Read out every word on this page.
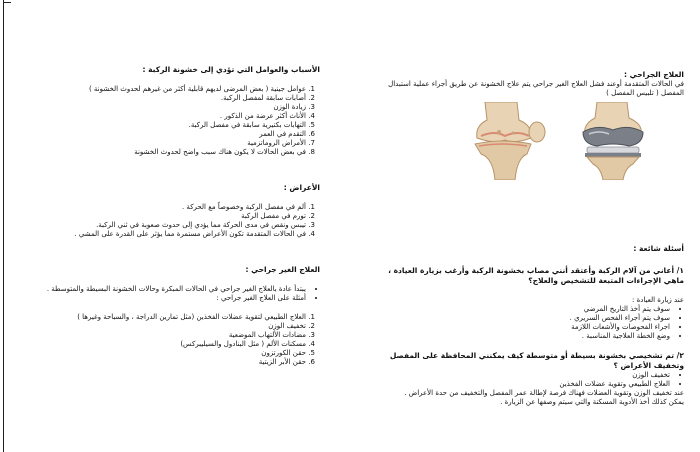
الأسباب والعوامل التي تؤدي إلى خشونة الركبة :
1. عوامل جينية ( بعض المرضى لديهم قابلية أكثر من غيرهم لحدوث الخشونة )
2. أصابات سابقة لمفصل الركبة.
3. زيادة الوزن
4. الأناث أكثر عرضة من الذكور .
5. التهابات بكتيرية سابقة في مفصل الركبة.
6. التقدم في العمر
7. الأمراض الروماتزمية
8. في بعض الحالات لا يكون هناك سبب واضح لحدوث الخشونة
الأعراض :
1. ألم في مفصل الركبة وخصوصاً مع الحركة .
2. تورم في مفصل الركبة
3. تيبس ونقص في مدى الحركة مما يؤدي إلى حدوث صعوبة في ثني الركبة.
4. في الحالات المتقدمة تكون الأعراض مستمرة مما يؤثر على القدرة على المشي .
العلاج الغير جراحي :
• يبتدأ عادة بالعلاج الغير جراحي في الحالات المبكرة وحالات الخشونة البسيطة والمتوسطة .
• أمثلة على العلاج الغير جراحي :
1. العلاج الطبيعي لتقوية عضلات الفخذين (مثل تمارين الدراجة ، والسباحة وغيرها )
2. تخفيف الوزن
3. مضادات الألتهاب الموضعية
4. مسكنات الألم ( مثل البنادول والسيليبركس)
5. حقن الكورتزون
6. حقن الأبر الزيتية
العلاج الجراحي :

في الحالات المتقدمة أوعند فشل العلاج الغير جراحي يتم علاج الخشونة عن طريق أجراء عملية استبدال المفصل ( تلبيس المفصل )

أسئلة شائعة :
١/ أعاني من آلام الركبة وأعتقد أنني مصاب بخشونة الركبة وأرغب بزيارة العيادة ، ماهي الإجراءات المتبعة للتشخيص والعلاج؟

عند زيارة العيادة :

• سوف يتم أخذ التاريخ المرضي
• سوف يتم أجراء الفحص السريري .
• اجراء الفحوصات والأشعات اللازمة
• وضع الخطة العلاجية المناسبة .
٢/ تم تشخيصي بخشونة بسيطة أو متوسطة كيف يمكنني المحافظة على المفصل وتخفيف الأعراض ؟
• تخفيف الوزن
• العلاج الطبيعي وتقوية عضلات الفخذين

عند تخفيف الوزن وتقوية العضلات فهناك فرصة لإطالة عمر المفصل والتخفيف من حدة الأعراض .

يمكن كذلك أخذ الأدوية المسكنة والتي سيتم وصفها عن الزيارة .
